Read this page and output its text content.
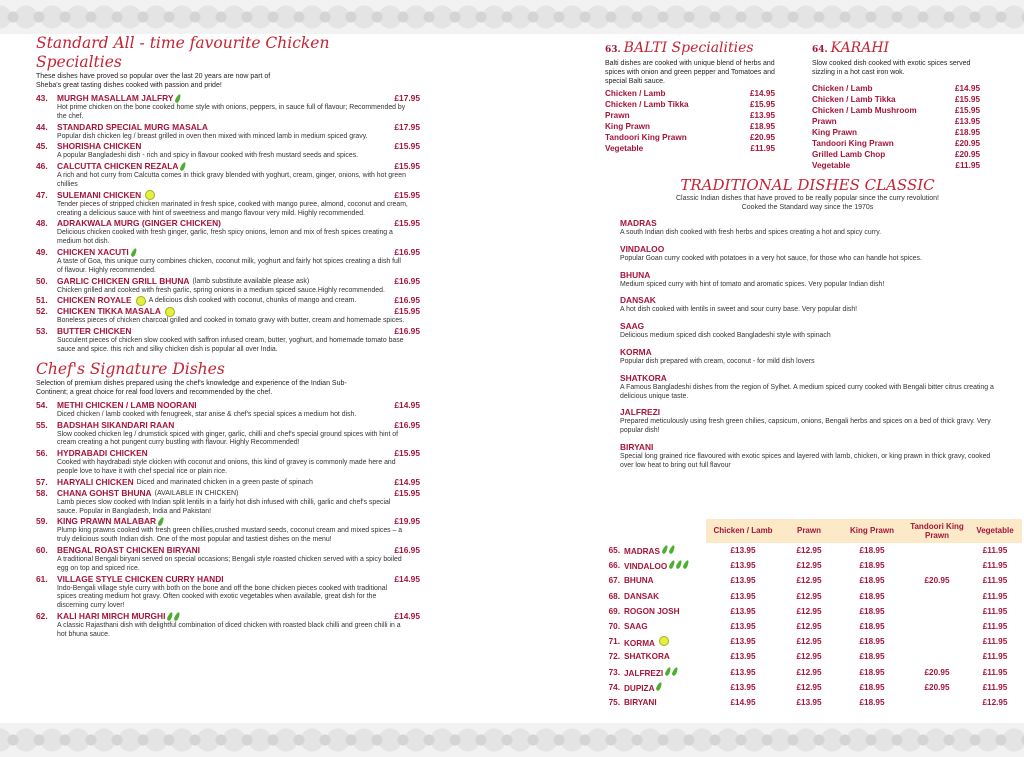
Standard All - time favourite Chicken Specialties
These dishes have proved so popular over the last 20 years are now part of Sheba's great tasting dishes cooked with passion and pride!
43.	MURGH MASALLAM JALFRY	£17.95
Hot prime chicken on the bone cooked home style with onions, peppers, in sauce full of flavour; Recommended by the chef.
44.	STANDARD SPECIAL MURG MASALA	£17.95
Popular dish chicken leg / breast grilled in oven then mixed with minced lamb in medium spiced gravy.
45.	SHORISHA CHICKEN	£15.95
A popular Bangladeshi dish - rich and spicy in flavour cooked with fresh mustard seeds and spices.
46.	CALCUTTA CHICKEN REZALA	£15.95
A rich and hot curry from Calcutta comes in thick gravy blended with yoghurt, cream, ginger, onions, with hot green chillies
47.	SULEMANI CHICKEN	£15.95
Tender pieces of stripped chicken marinated in fresh spice, cooked with mango puree, almond, coconut and cream, creating a delicious sauce with hint of sweetness and mango flavour very mild. Highly recommended.
48.	ADRAKWALA MURG (GINGER CHICKEN)	£15.95
Delicious chicken cooked with fresh ginger, garlic, fresh spicy onions, lemon and mix of fresh spices creating a medium hot dish.
49.	CHICKEN XACUTI	£16.95
A taste of Goa, this unique curry combines chicken, coconut milk, yoghurt and fairly hot spices creating a dish full of flavour. Highly recommended.
50.	GARLIC CHICKEN GRILL BHUNA (lamb substitute available please ask)	£16.95
Chicken grilled and cooked with fresh garlic, spring onions in a medium spiced sauce.Highly recommended.
51.	CHICKEN ROYALE A delicious dish cooked with coconut, chunks of mango and cream.	£16.95
52.	CHICKEN TIKKA MASALA	£15.95
Boneless pieces of chicken charcoal grilled and cooked in tomato gravy with butter, cream and homemade spices.
53.	BUTTER CHICKEN	£16.95
Succulent pieces of chicken slow cooked with saffron infused cream, butter, yoghurt, and homemade tomato base sauce and spice. this rich and silky chicken dish is popular all over India.
Chef's Signature Dishes
Selection of premium dishes prepared using the chef's knowledge and experience of the Indian Sub-Continent; a great choice for real food lovers and recommended by the chef.
54.	METHI CHICKEN / LAMB NOORANI	£14.95
Diced chicken / lamb cooked with fenugreek, star anise & chef's special spices a medium hot dish.
55.	BADSHAH SIKANDARI RAAN	£16.95
Slow cooked chicken leg / drumstick spiced with ginger, garlic, chilli and chef's special ground spices with hint of cream creating a hot pungent curry bustling with flavour. Highly Recommended!
56.	HYDRABADI CHICKEN	£15.95
Cooked with haydrabadi style ckicken with coconut and onions, this kind of gravey is commonly made here and people love to have it with chef special rice or plain rice.
57.	HARYALI CHICKEN Diced and marinated chicken in a green paste of spinach	£14.95
58.	CHANA GOHST BHUNA (AVAILABLE IN CHICKEN)	£15.95
Lamb pieces slow cooked with Indian split lentils in a fairly hot dish infused with chilli, garlic and chef's special sauce. Popular in Bangladesh, India and Pakistan!
59.	KING PRAWN MALABAR	£19.95
Plump king prawns cooked with fresh green chillies,crushed mustard seeds, coconut cream and mixed spices – a truly delicious south Indian dish. One of the most popular and tastiest dishes on the menu!
60.	BENGAL ROAST CHICKEN BIRYANI	£16.95
A traditional Bengali biryani served on special occasions; Bengali style roasted chicken served with a spicy boiled egg on top and spiced rice.
61.	VILLAGE STYLE CHICKEN CURRY HANDI	£14.95
Indo-Bengali village style curry with both on the bone and off the bone chicken pieces cooked with traditional spices creating medium hot gravy. Often cooked with exotic vegetables when available, great dish for the discerning curry lover!
62.	KALI HARI MIRCH MURGHI	£14.95
A classic Rajasthani dish with delightful combination of diced chicken with roasted black chilli and green chilli in a hot bhuna sauce.
63. BALTI Specialities
Balti dishes are cooked with unique blend of herbs and spices with onion and green pepper and Tomatoes and special Balti sauce.
Chicken / Lamb	£14.95
Chicken / Lamb Tikka	£15.95
Prawn	£13.95
King Prawn	£18.95
Tandoori King Prawn	£20.95
Vegetable	£11.95
64. KARAHI
Slow cooked dish cooked with exotic spices served sizzling in a hot cast iron wok.
Chicken / Lamb	£14.95
Chicken / Lamb Tikka	£15.95
Chicken / Lamb Mushroom	£15.95
Prawn	£13.95
King Prawn	£18.95
Tandoori King Prawn	£20.95
Grilled Lamb Chop	£20.95
Vegetable	£11.95
TRADITIONAL DISHES CLASSIC
Classic Indian dishes that have proved to be really popular since the curry revolution! Cooked the Standard way since the 1970s
MADRAS
A south Indian dish cooked with fresh herbs and spices creating a hot and spicy curry.
VINDALOO
Popular Goan curry cooked with potatoes in a very hot sauce, for those who can handle hot spices.
BHUNA
Medium spiced curry with hint of tomato and aromatic spices. Very popular Indian dish!
DANSAK
A hot dish cooked with lentils in sweet and sour curry base. Very popular dish!
SAAG
Delicious medium spiced dish cooked Bangladeshi style with spinach
KORMA
Popular dish prepared with cream, coconut - for mild dish lovers
SHATKORA
A Famous Bangladeshi dishes from the region of Sylhet. A medium spiced curry cooked with Bengali bitter citrus creating a delicious unique taste.
JALFREZI
Prepared meticulously using fresh green chilies, capsicum, onions, Bengali herbs and spices on a bed of thick gravy. Very popular dish!
BIRYANI
Special long grained rice flavoured with exotic spices and layered with lamb, chicken, or king prawn in thick gravy, cooked over low heat to bring out full flavour
		Chicken / Lamb	Prawn	King Prawn	Tandoori King Prawn	Vegetable
65.	MADRAS	£13.95	£12.95	£18.95		£11.95
66.	VINDALOO	£13.95	£12.95	£18.95		£11.95
67.	BHUNA	£13.95	£12.95	£18.95	£20.95	£11.95
68.	DANSAK	£13.95	£12.95	£18.95		£11.95
69.	ROGON JOSH	£13.95	£12.95	£18.95		£11.95
70.	SAAG	£13.95	£12.95	£18.95		£11.95
71.	KORMA	£13.95	£12.95	£18.95		£11.95
72.	SHATKORA	£13.95	£12.95	£18.95		£11.95
73.	JALFREZI	£13.95	£12.95	£18.95	£20.95	£11.95
74.	DUPIZA	£13.95	£12.95	£18.95	£20.95	£11.95
75.	BIRYANI	£14.95	£13.95	£18.95		£12.95
